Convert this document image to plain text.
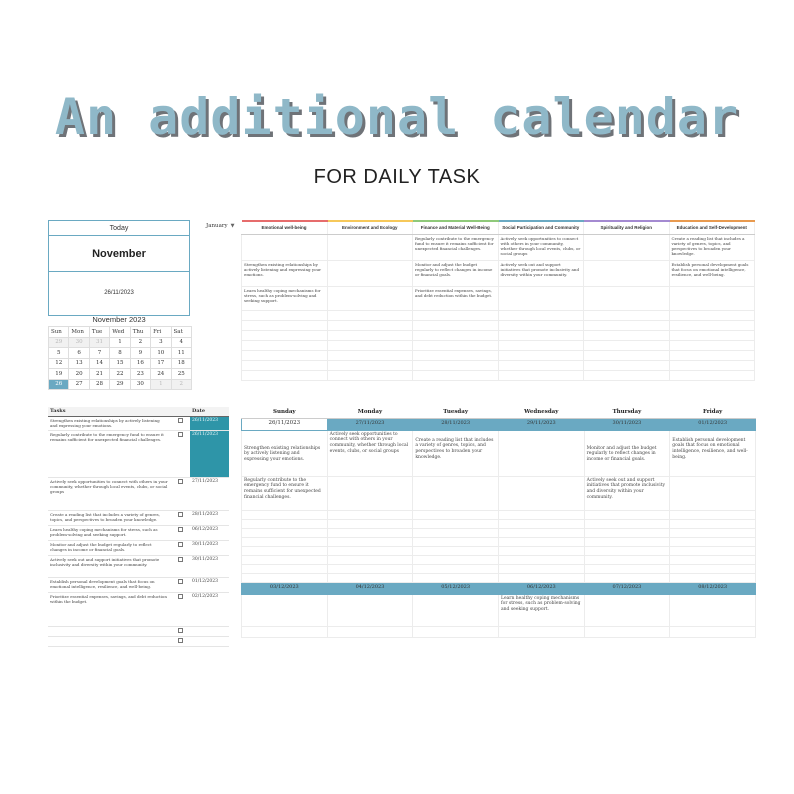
An additional calendar
FOR DAILY TASK
Today
November
26/11/2023
January ▼
November 2023
Sun	Mon	Tue	Wed	Thu	Fri	Sat
29	30	31	1	2	3	4
5	6	7	8	9	10	11
12	13	14	15	16	17	18
19	20	21	22	23	24	25
26	27	28	29	30	1	2
Emotional well-being	Environment and Ecology	Finance and Material Well-Being	Social Participation and Community	Spirituality and Religion	Education and Self-Development
		Regularly contribute to the emergency fund to ensure it remains sufficient for unexpected financial challenges.	Actively seek opportunities to connect with others in your community, whether through local events, clubs, or social groups		Create a reading list that includes a variety of genres, topics, and perspectives to broaden your knowledge.
Strengthen existing relationships by actively listening and expressing your emotions.		Monitor and adjust the budget regularly to reflect changes in income or financial goals.	Actively seek out and support initiatives that promote inclusivity and diversity within your community.		Establish personal development goals that focus on emotional intelligence, resilience, and well-being.
Learn healthy coping mechanisms for stress, such as problem-solving and seeking support.		Prioritize essential expenses, savings, and debt reduction within the budget.			

Tasks		Date
Strengthen existing relationships by actively listening and expressing your emotions.		26/11/2023
Regularly contribute to the emergency fund to ensure it remains sufficient for unexpected financial challenges.		26/11/2023
Actively seek opportunities to connect with others in your community, whether through local events, clubs, or social groups		27/11/2023
Create a reading list that includes a variety of genres, topics, and perspectives to broaden your knowledge.		28/11/2023
Learn healthy coping mechanisms for stress, such as problem-solving and seeking support.		06/12/2023
Monitor and adjust the budget regularly to reflect changes in income or financial goals.		30/11/2023
Actively seek out and support initiatives that promote inclusivity and diversity within your community.		30/11/2023
Establish personal development goals that focus on emotional intelligence, resilience, and well-being.		01/12/2023
Prioritize essential expenses, savings, and debt reduction within the budget.		02/12/2023

Sunday	Monday	Tuesday	Wednesday	Thursday	Friday
26/11/2023	27/11/2023	28/11/2023	29/11/2023	30/11/2023	01/12/2023

Strengthen existing relationships by actively listening and expressing your emotions.	Actively seek opportunities to connect with others in your community, whether through local events, clubs, or social groups	Create a reading list that includes a variety of genres, topics, and perspectives to broaden your knowledge.		Monitor and adjust the budget regularly to reflect changes in income or financial goals.	Establish personal development goals that focus on emotional intelligence, resilience, and well-being.

Regularly contribute to the emergency fund to ensure it remains sufficient for unexpected financial challenges.				Actively seek out and support initiatives that promote inclusivity and diversity within your community.	

03/12/2023	04/12/2023	05/12/2023	06/12/2023	07/12/2023	08/12/2023
			Learn healthy coping mechanisms for stress, such as problem-solving and seeking support.		
